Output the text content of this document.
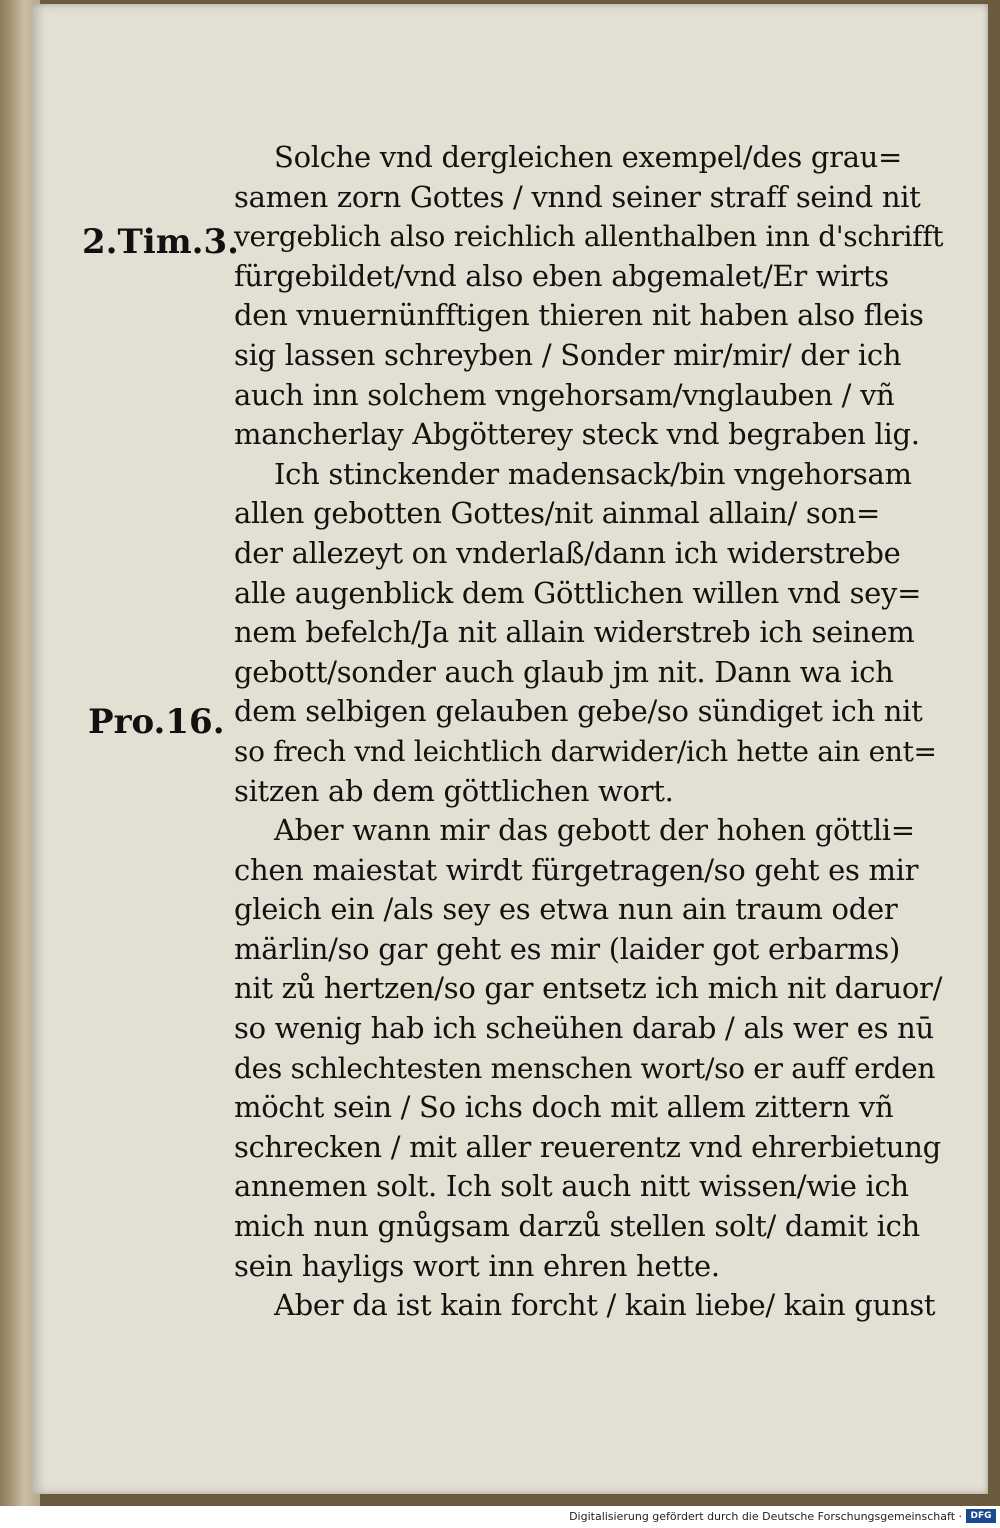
2.Tim.3.
Pro.16.
Solche vnd dergleichen exempel/des grau=
samen zorn Gottes / vnnd seiner straff seind nit
vergeblich also reichlich allenthalben inn d'schrifft
fürgebildet/vnd also eben abgemalet/Er wirts
den vnuernünfftigen thieren nit haben also fleis
sig lassen schreyben / Sonder mir/mir/ der ich
auch inn solchem vngehorsam/vnglauben / vñ
mancherlay Abgötterey steck vnd begraben lig.
Ich stinckender madensack/bin vngehorsam
allen gebotten Gottes/nit ainmal allain/ son=
der allezeyt on vnderlaß/dann ich widerstrebe
alle augenblick dem Göttlichen willen vnd sey=
nem befelch/Ja nit allain widerstreb ich seinem
gebott/sonder auch glaub jm nit. Dann wa ich
dem selbigen gelauben gebe/so sündiget ich nit
so frech vnd leichtlich darwider/ich hette ain ent=
sitzen ab dem göttlichen wort.
Aber wann mir das gebott der hohen göttli=
chen maiestat wirdt fürgetragen/so geht es mir
gleich ein /als sey es etwa nun ain traum oder
märlin/so gar geht es mir (laider got erbarms)
nit zů hertzen/so gar entsetz ich mich nit daruor/
so wenig hab ich scheühen darab / als wer es nū
des schlechtesten menschen wort/so er auff erden
möcht sein / So ichs doch mit allem zittern vñ
schrecken / mit aller reuerentz vnd ehrerbietung
annemen solt. Ich solt auch nitt wissen/wie ich
mich nun gnůgsam darzů stellen solt/ damit ich
sein hayligs wort inn ehren hette.
Aber da ist kain forcht / kain liebe/ kain gunst
Digitalisierung gefördert durch die Deutsche Forschungsgemeinschaft · DFG
